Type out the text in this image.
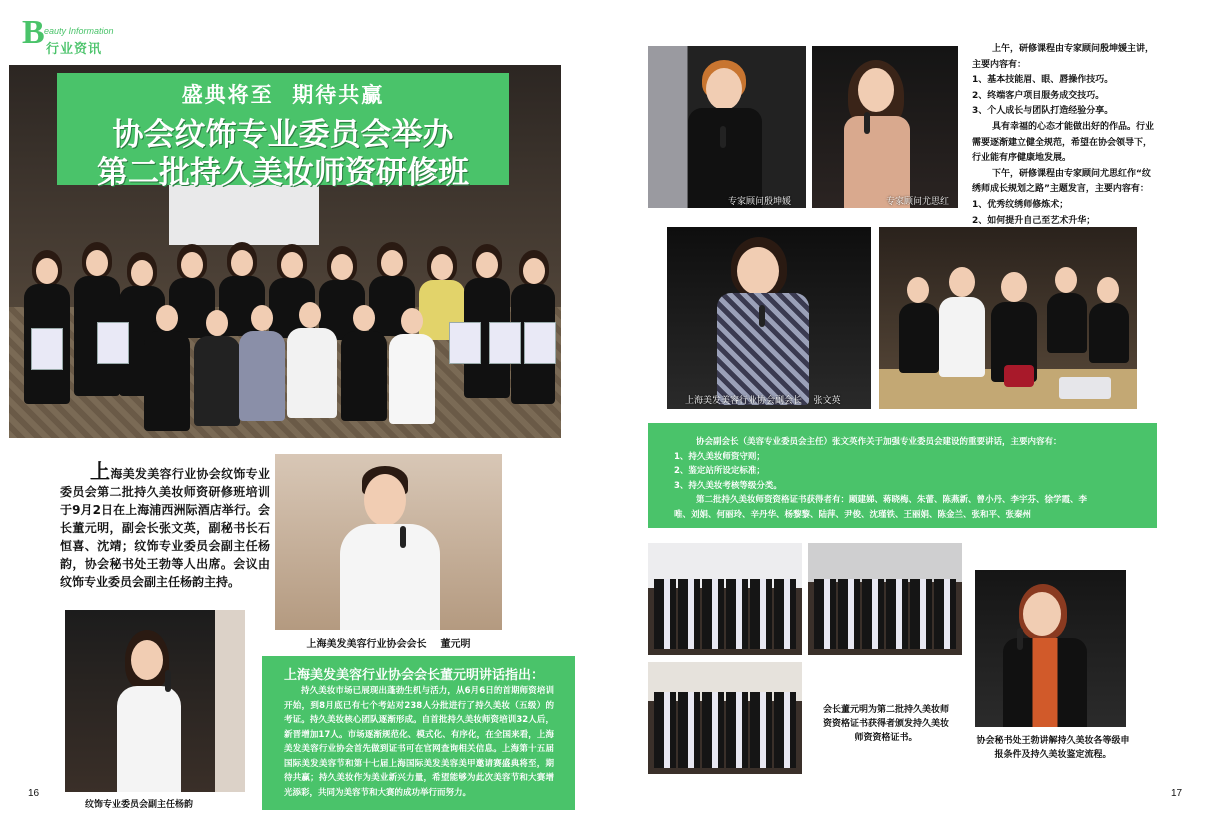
B eauty Information
行业资讯
盛典将至  期待共赢
协会纹饰专业委员会举办
第二批持久美妆师资研修班
上海美发美容行业协会纹饰专业委员会第二批持久美妆师资研修班培训于9月2日在上海浦西洲际酒店举行。会长董元明，副会长张文英，副秘书长石恒喜、沈靖；纹饰专业委员会副主任杨韵，协会秘书处王勃等人出席。会议由纹饰专业委员会副主任杨韵主持。
上海美发美容行业协会会长    董元明
纹饰专业委员会副主任杨韵
上海美发美容行业协会会长董元明讲话指出：
持久美妆市场已展现出蓬勃生机与活力，从6月6日的首期师资培训开始，到8月底已有七个考站对238人分批进行了持久美妆（五级）的考证。持久美妆核心团队逐渐形成。自首批持久美妆师资培训32人后，新晋增加17人。市场逐渐规范化、模式化、有序化，在全国来看，上海美发美容行业协会首先做到证书可在官网查询相关信息。上海第十五届国际美发美容节和第十七届上海国际美发美容美甲邀请赛盛典将至，期待共赢；持久美妆作为美业新兴力量，希望能够为此次美容节和大赛增光添彩，共同为美容节和大赛的成功举行而努力。
16
专家顾问殷坤媛	专家顾问尤思红
上午，研修课程由专家顾问殷坤媛主讲，
主要内容有：
1、基本技能眉、眼、唇操作技巧。
2、终端客户项目服务成交技巧。
3、个人成长与团队打造经验分享。
具有幸福的心态才能做出好的作品。行业
需要逐渐建立健全规范，希望在协会领导下，
行业能有序健康地发展。
下午，研修课程由专家顾问尤思红作“纹
绣师成长规划之路”主题发言，主要内容有：
1、优秀纹绣师修炼术；
2、如何提升自己至艺术升华；
上海美发美容行业协会副会长    张文英
协会副会长（美容专业委员会主任）张文英作关于加强专业委员会建设的重要讲话，主要内容有：
1、持久美妆师资守则；
2、鉴定站所设定标准；
3、持久美妆考核等级分类。
第二批持久美妆师资资格证书获得者有：顾建娣、蒋晓梅、朱蕾、陈燕新、曾小丹、李宇芬、徐学霞、李
唯、刘娟、何丽玲、辛丹华、杨黎黎、陆萍、尹俊、沈瑾铁、王丽娟、陈金兰、张和平、张秦州
会长董元明为第二批持久美妆师资资格证书获得者颁发持久美妆师资资格证书。	协会秘书处王勃讲解持久美妆各等级申报条件及持久美妆鉴定流程。
17
